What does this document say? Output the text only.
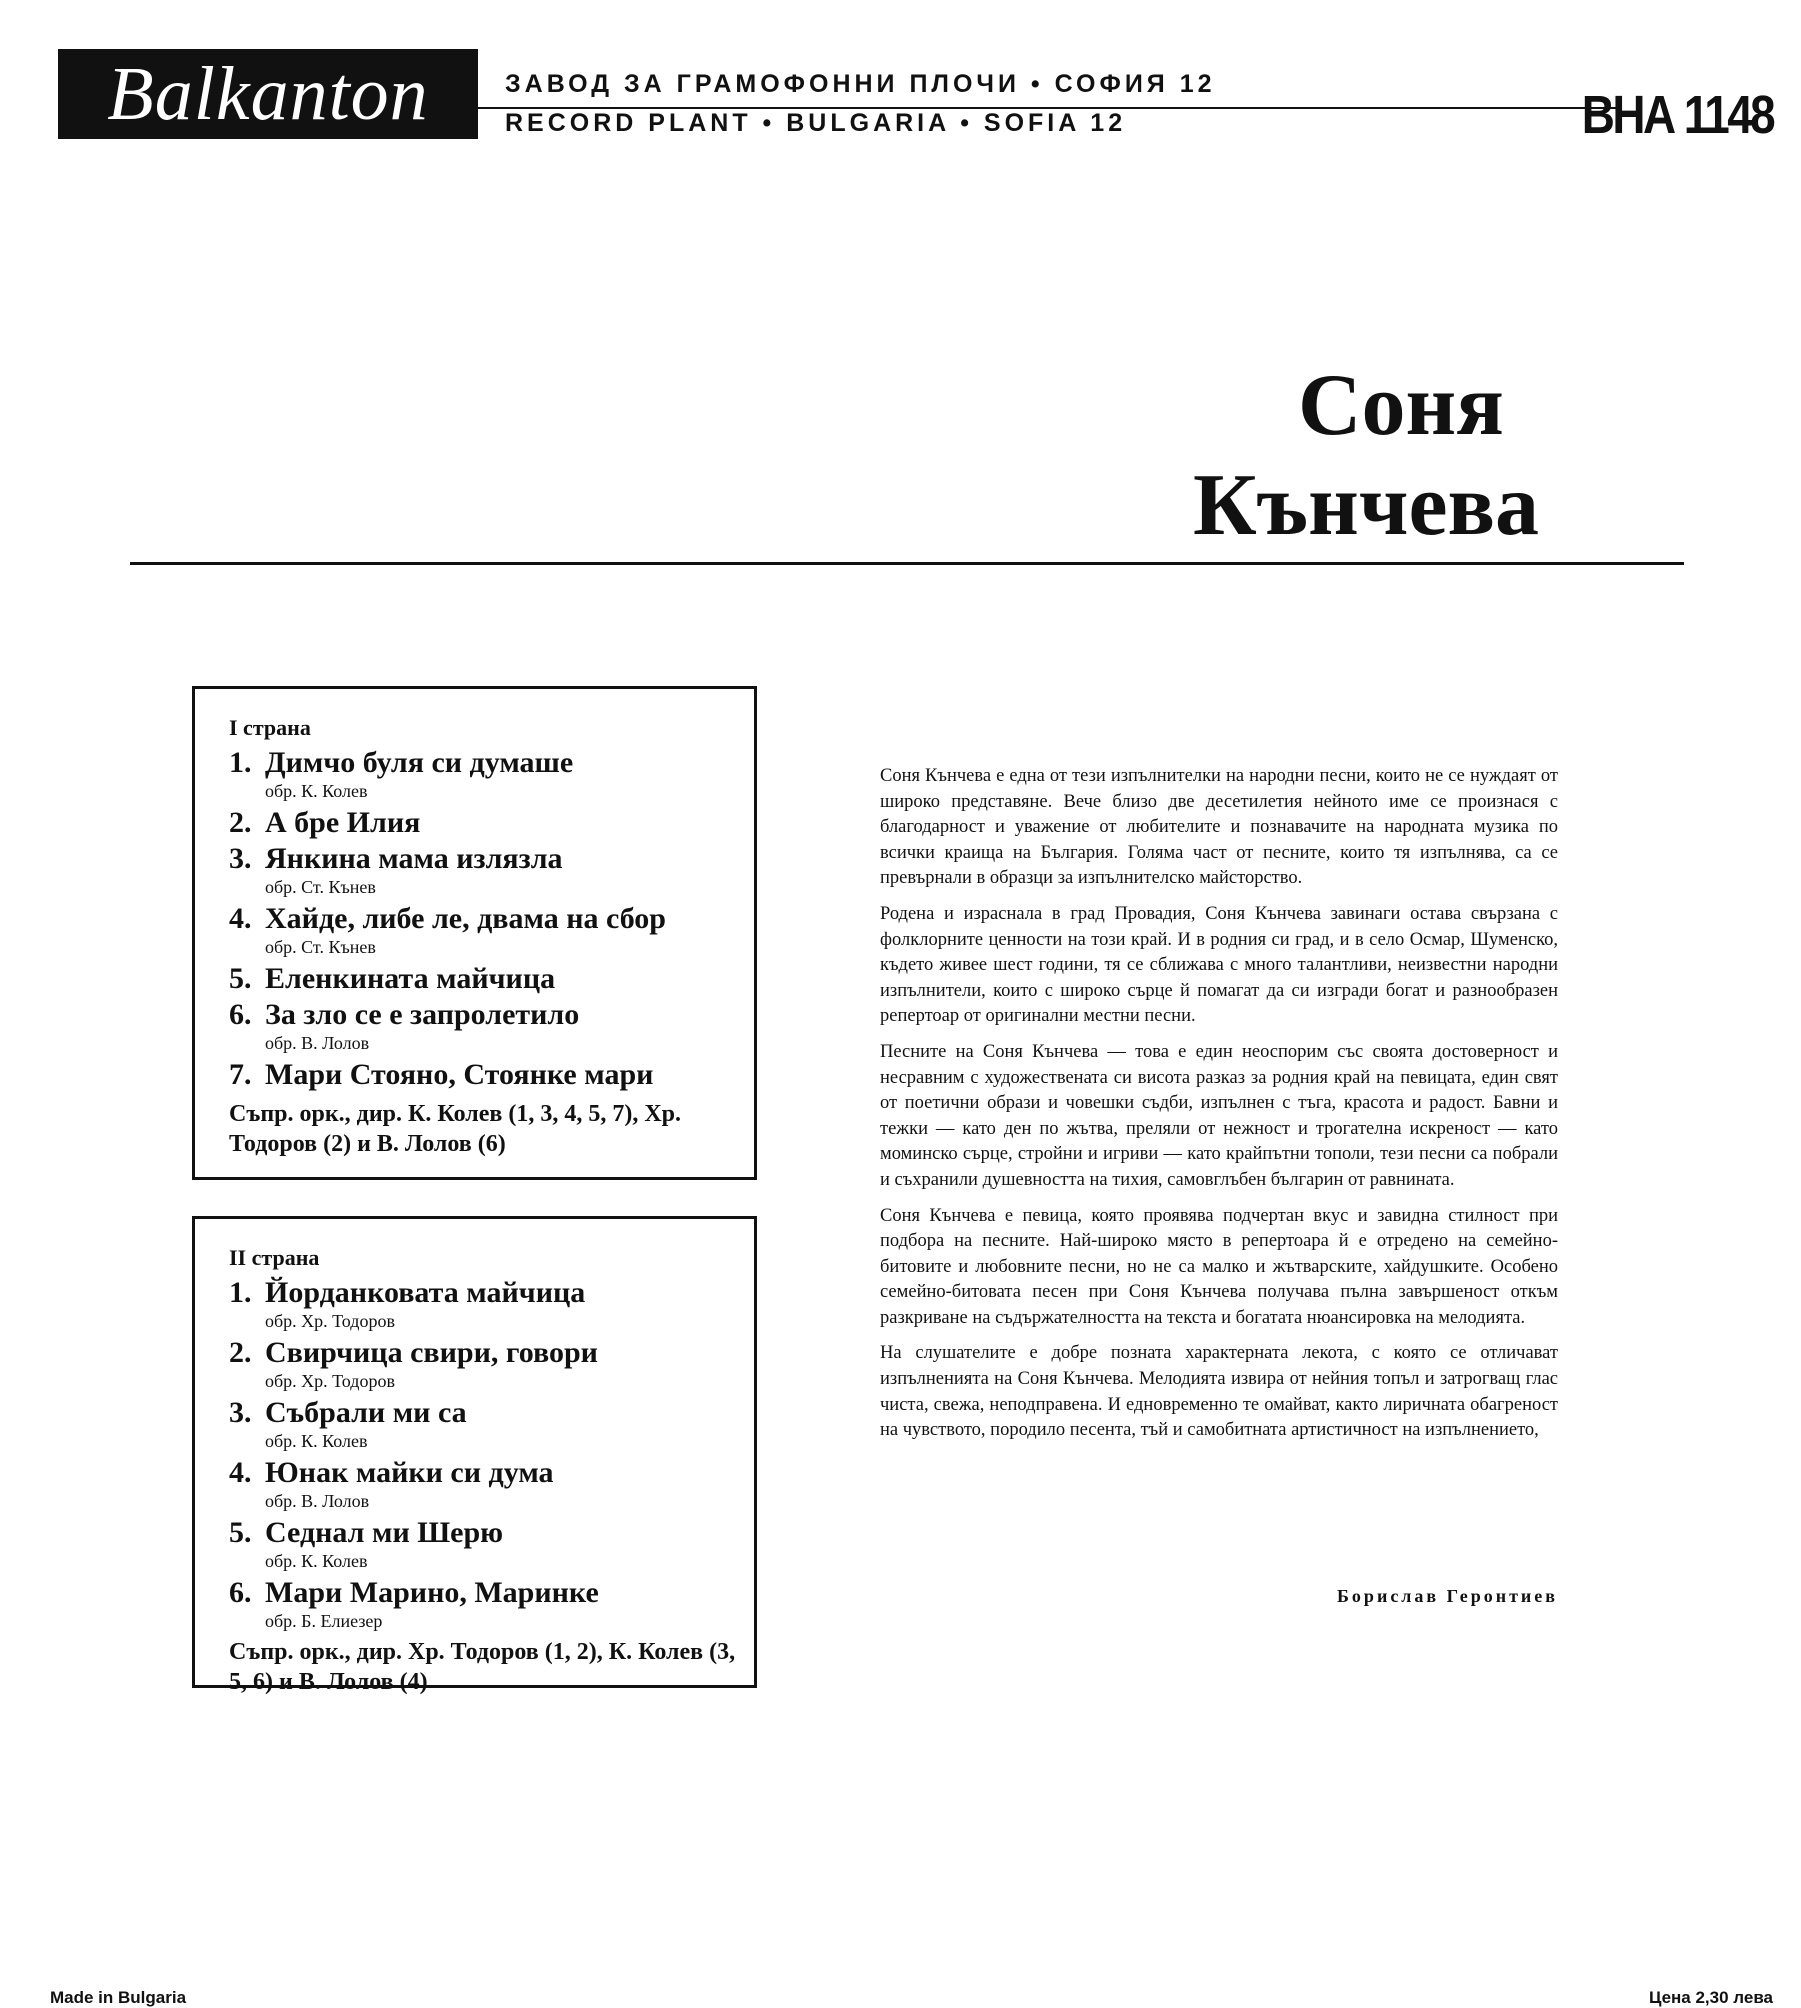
Balkanton	ЗАВОД ЗА ГРАМОФОННИ ПЛОЧИ • СОФИЯ 12
RECORD PLANT • BULGARIA • SOFIA 12	ВНА 1148
Соня
Кънчева
I страна
1. Димчо буля си думаше
обр. К. Колев
2. А бре Илия
3. Янкина мама излязла
обр. Ст. Кънев
4. Хайде, либе ле, двама на сбор
обр. Ст. Кънев
5. Еленкината майчица
6. За зло се е запролетило
обр. В. Лолов
7. Мари Стояно, Стоянке мари
Съпр. орк., дир. К. Колев (1, 3, 4, 5, 7), Хр. Тодоров (2) и В. Лолов (6)
II страна
1. Йорданковата майчица
обр. Хр. Тодоров
2. Свирчица свири, говори
обр. Хр. Тодоров
3. Събрали ми са
обр. К. Колев
4. Юнак майки си дума
обр. В. Лолов
5. Седнал ми Шерю
обр. К. Колев
6. Мари Марино, Маринке
обр. Б. Елиезер
Съпр. орк., дир. Хр. Тодоров (1, 2), К. Колев (3, 5, 6) и В. Лолов (4)

Соня Кънчева е една от тези изпълнителки на народни песни, които не се нуждаят от широко представяне. Вече близо две десетилетия нейното име се произнася с благодарност и уважение от любителите и познавачите на народната музика по всички краища на България. Голяма част от песните, които тя изпълнява, са се превърнали в образци за изпълнителско майсторство.

Родена и израснала в град Провадия, Соня Кънчева завинаги остава свързана с фолклорните ценности на този край. И в родния си град, и в село Осмар, Шуменско, където живее шест години, тя се сближава с много талантливи, неизвестни народни изпълнители, които с широко сърце й помагат да си изгради богат и разнообразен репертоар от оригинални местни песни.

Песните на Соня Кънчева — това е един неоспорим със своята достоверност и несравним с художествената си висота разказ за родния край на певицата, един свят от поетични образи и човешки съдби, изпълнен с тъга, красота и радост. Бавни и тежки — като ден по жътва, преляли от нежност и трогателна искреност — като моминско сърце, стройни и игриви — като крайпътни тополи, тези песни са побрали и съхранили душевността на тихия, самовглъбен българин от равнината.

Соня Кънчева е певица, която проявява подчертан вкус и завидна стилност при подбора на песните. Най-широко място в репертоара й е отредено на семейно-битовите и любовните песни, но не са малко и жътварските, хайдушките. Особено семейно-битовата песен при Соня Кънчева получава пълна завършеност откъм разкриване на съдържателността на текста и богатата нюансировка на мелодията.

На слушателите е добре позната характерната лекота, с която се отличават изпълненията на Соня Кънчева. Мелодията извира от нейния топъл и затрогващ глас чиста, свежа, неподправена. И едновременно те омайват, както лиричната обагреност на чувството, породило песента, тъй и самобитната артистичност на изпълнението,

Борислав Геронтиев
Made in Bulgaria	Цена 2,30 лева
